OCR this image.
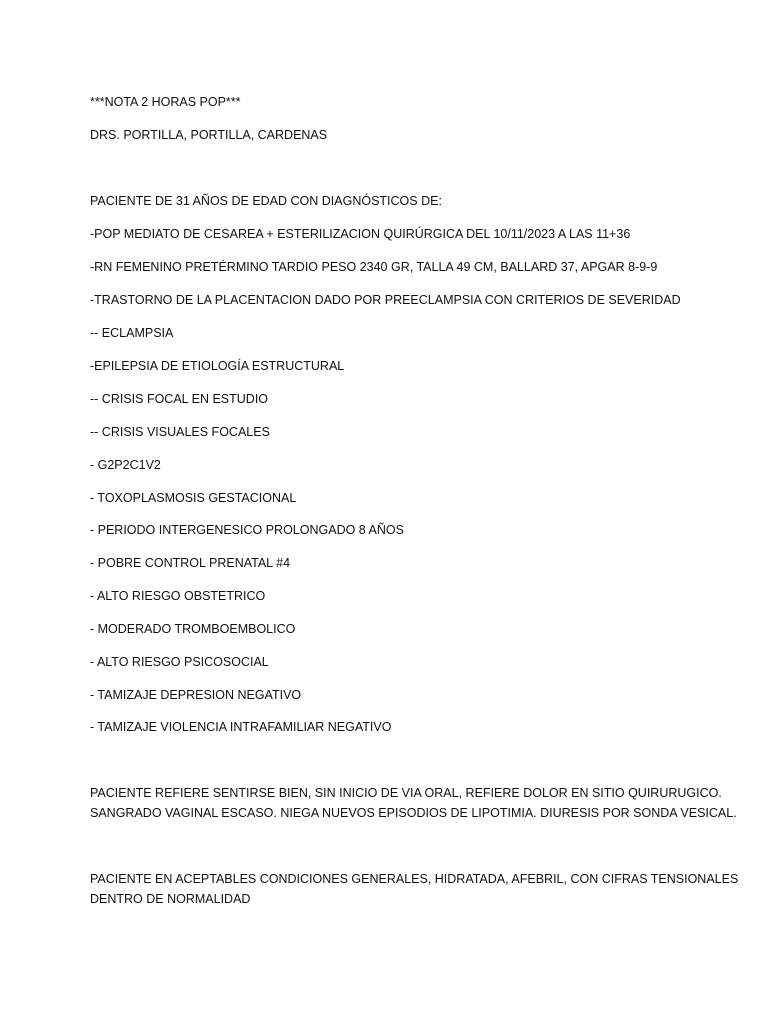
***NOTA 2 HORAS POP***
DRS. PORTILLA, PORTILLA, CARDENAS
PACIENTE DE 31 AÑOS DE EDAD CON DIAGNÓSTICOS DE:
-POP MEDIATO DE CESAREA + ESTERILIZACION QUIRÚRGICA DEL 10/11/2023 A LAS 11+36
-RN FEMENINO PRETÉRMINO TARDIO PESO 2340 GR, TALLA 49 CM, BALLARD 37, APGAR 8-9-9
-TRASTORNO DE LA PLACENTACION DADO POR PREECLAMPSIA CON CRITERIOS DE SEVERIDAD
-- ECLAMPSIA
-EPILEPSIA DE ETIOLOGÍA ESTRUCTURAL
-- CRISIS FOCAL EN ESTUDIO
-- CRISIS VISUALES FOCALES
- G2P2C1V2
- TOXOPLASMOSIS GESTACIONAL
- PERIODO INTERGENESICO PROLONGADO 8 AÑOS
- POBRE CONTROL PRENATAL #4
- ALTO RIESGO OBSTETRICO
- MODERADO TROMBOEMBOLICO
- ALTO RIESGO PSICOSOCIAL
- TAMIZAJE DEPRESION NEGATIVO
- TAMIZAJE VIOLENCIA INTRAFAMILIAR NEGATIVO
PACIENTE REFIERE SENTIRSE BIEN, SIN INICIO DE VIA ORAL, REFIERE DOLOR EN SITIO QUIRURUGICO.
SANGRADO VAGINAL ESCASO. NIEGA NUEVOS EPISODIOS DE LIPOTIMIA. DIURESIS POR SONDA VESICAL.
PACIENTE EN ACEPTABLES CONDICIONES GENERALES, HIDRATADA, AFEBRIL, CON CIFRAS TENSIONALES
DENTRO DE NORMALIDAD
